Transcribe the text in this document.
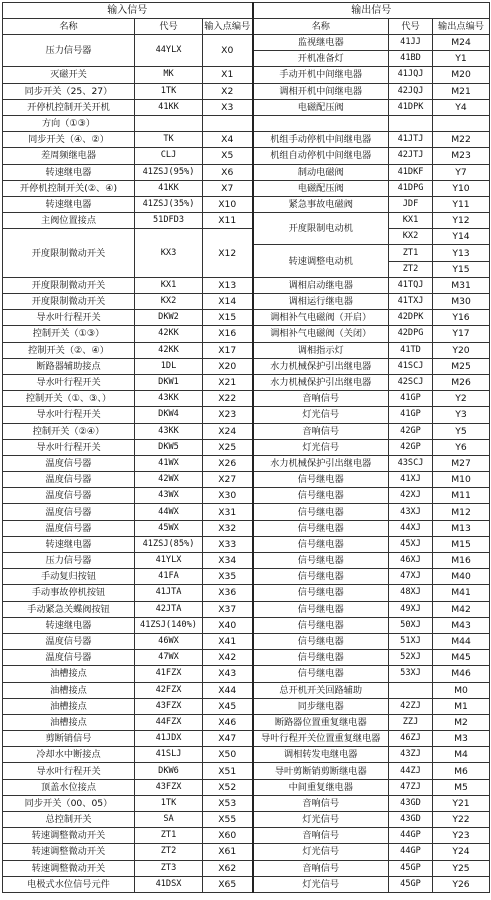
输入信号			输出信号		
名称	代号	输入点编号	名称	代号	输出点编号
压力信号器	44YLX	X0	监视继电器	41JJ	M24
			开机准备灯	41BD	Y1
灭磁开关	MK	X1	手动开机中间继电器	41JQJ	M20
同步开关（25、27）	1TK	X2	调相开机中间继电器	42JQJ	M21
开停机控制开关开机	41KK	X3	电磁配压阀	41DPK	Y4
方向（①③）					
同步开关（④、②）	TK	X4	机组手动停机中间继电器	41JTJ	M22
差周频继电器	CLJ	X5	机组自动停机中间继电器	42JTJ	M23
转速继电器	41ZSJ(95%)	X6	制动电磁阀	41DKF	Y7
开停机控制开关(②、④)	41KK	X7	电磁配压阀	41DPG	Y10
转速继电器	41ZSJ(35%)	X10	紧急事故电磁阀	JDF	Y11
主阀位置接点	51DFD3	X11	开度限制电动机	KX1	Y12
开度限制微动开关	KX3	X12		KX2	Y14
			转速调整电动机	ZT1	Y13
				ZT2	Y15
开度限制微动开关	KX1	X13	调相启动继电器	41TQJ	M31
开度限制微动开关	KX2	X14	调相运行继电器	41TXJ	M30
导水叶行程开关	DKW2	X15	调相补气电磁阀（开启）	42DPK	Y16
控制开关（①③）	42KK	X16	调相补气电磁阀（关闭）	42DPG	Y17
控制开关（②、④）	42KK	X17	调相指示灯	41TD	Y20
断路器辅助接点	1DL	X20	水力机械保护引出继电器	41SCJ	M25
导水叶行程开关	DKW1	X21	水力机械保护引出继电器	42SCJ	M26
控制开关（①、③、）	43KK	X22	音响信号	41GP	Y2
导水叶行程开关	DKW4	X23	灯光信号	41GP	Y3
控制开关（②④）	43KK	X24	音响信号	42GP	Y5
导水叶行程开关	DKW5	X25	灯光信号	42GP	Y6
温度信号器	41WX	X26	水力机械保护引出继电器	43SCJ	M27
温度信号器	42WX	X27	信号继电器	41XJ	M10
温度信号器	43WX	X30	信号继电器	42XJ	M11
温度信号器	44WX	X31	信号继电器	43XJ	M12
温度信号器	45WX	X32	信号继电器	44XJ	M13
转速继电器	41ZSJ(85%)	X33	信号继电器	45XJ	M15
压力信号器	41YLX	X34	信号继电器	46XJ	M16
手动复归按钮	41FA	X35	信号继电器	47XJ	M40
手动事故停机按钮	41JTA	X36	信号继电器	48XJ	M41
手动紧急关蝶阀按钮	42JTA	X37	信号继电器	49XJ	M42
转速继电器	41ZSJ(140%)	X40	信号继电器	50XJ	M43
温度信号器	46WX	X41	信号继电器	51XJ	M44
温度信号器	47WX	X42	信号继电器	52XJ	M45
油槽接点	41FZX	X43	信号继电器	53XJ	M46
油槽接点	42FZX	X44	总开机开关回路辅助		M0
油槽接点	43FZX	X45	同步继电器	42ZJ	M1
油槽接点	44FZX	X46	断路器位置重复继电器	ZZJ	M2
剪断销信号	41JDX	X47	导叶行程开关位置重复继电器	46ZJ	M3

冷却水中断接点	41SLJ	X50	调相转发电继电器	43ZJ	M4
导水叶行程开关	DKW6	X51	导叶剪断销剪断继电器	44ZJ	M6
顶盖水位接点	43FZX	X52	中间重复继电器	47ZJ	M5
同步开关（00、05）	1TK	X53	音响信号	43GD	Y21
总控制开关	SA	X55	灯光信号	43GD	Y22
转速调整微动开关	ZT1	X60	音响信号	44GP	Y23
转速调整微动开关	ZT2	X61	灯光信号	44GP	Y24
转速调整微动开关	ZT3	X62	音响信号	45GP	Y25
电极式水位信号元件	41DSX	X65	灯光信号	45GP	Y26
